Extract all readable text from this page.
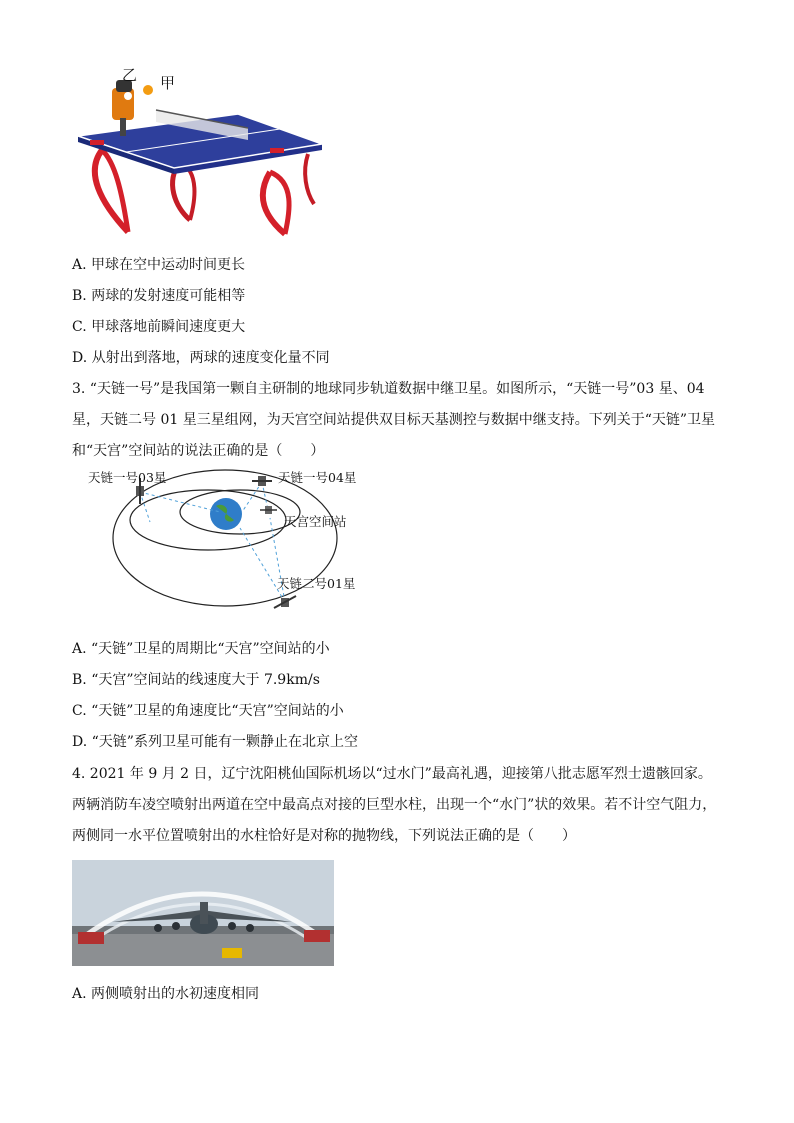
乙 甲
A. 甲球在空中运动时间更长
B. 两球的发射速度可能相等
C. 甲球落地前瞬间速度更大
D. 从射出到落地，两球的速度变化量不同
3. “天链一号”是我国第一颗自主研制的地球同步轨道数据中继卫星。如图所示，“天链一号”03 星、04 星，天链二号 01 星三星组网，为天宫空间站提供双目标天基测控与数据中继支持。下列关于“天链”卫星和“天宫”空间站的说法正确的是（　　）
天链一号03星	天链一号04星
天宫空间站
天链二号01星
A. “天链”卫星的周期比“天宫”空间站的小
B. “天宫”空间站的线速度大于 7.9km/s
C. “天链”卫星的角速度比“天宫”空间站的小
D. “天链”系列卫星可能有一颗静止在北京上空
4. 2021 年 9 月 2 日，辽宁沈阳桃仙国际机场以“过水门”最高礼遇，迎接第八批志愿军烈士遗骸回家。两辆消防车凌空喷射出两道在空中最高点对接的巨型水柱，出现一个“水门”状的效果。若不计空气阻力，两侧同一水平位置喷射出的水柱恰好是对称的抛物线，下列说法正确的是（　　）
A. 两侧喷射出的水初速度相同
